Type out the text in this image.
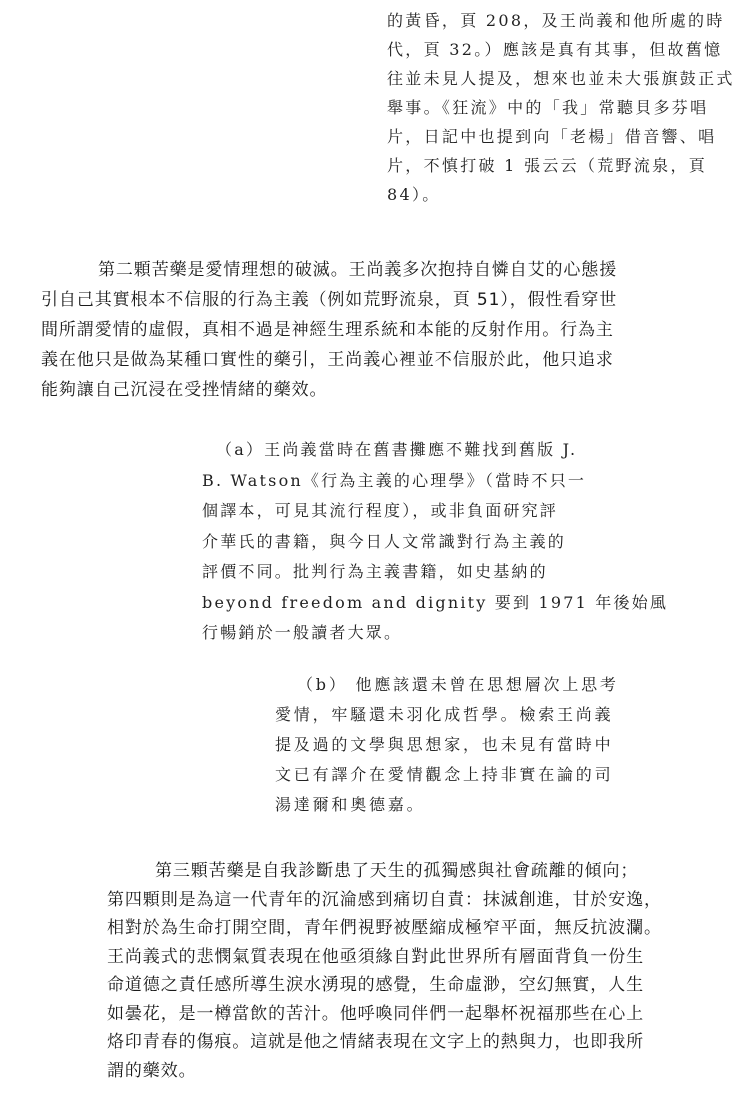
的黃昏，頁 208，及王尚義和他所處的時
代，頁 32。）應該是真有其事，但故舊憶
往並未見人提及，想來也並未大張旗鼓正式
舉事。《狂流》中的「我」常聽貝多芬唱
片，日記中也提到向「老楊」借音響、唱
片，不慎打破 1 張云云（荒野流泉，頁
84）。
第二顆苦藥是愛情理想的破滅。王尚義多次抱持自憐自艾的心態援
引自己其實根本不信服的行為主義（例如荒野流泉，頁 51），假性看穿世
間所謂愛情的虛假，真相不過是神經生理系統和本能的反射作用。行為主
義在他只是做為某種口實性的藥引，王尚義心裡並不信服於此，他只追求
能夠讓自己沉浸在受挫情緒的藥效。
（a）王尚義當時在舊書攤應不難找到舊版 J.
B. Watson《行為主義的心理學》（當時不只一
個譯本，可見其流行程度），或非負面研究評
介華氏的書籍，與今日人文常識對行為主義的
評價不同。批判行為主義書籍，如史基納的
beyond freedom and dignity 要到 1971 年後始風
行暢銷於一般讀者大眾。
（b） 他應該還未曾在思想層次上思考
愛情，牢騷還未羽化成哲學。檢索王尚義
提及過的文學與思想家，也未見有當時中
文已有譯介在愛情觀念上持非實在論的司
湯達爾和奧德嘉。
第三顆苦藥是自我診斷患了天生的孤獨感與社會疏離的傾向；
第四顆則是為這一代青年的沉淪感到痛切自責：抹滅創進，甘於安逸，
相對於為生命打開空間，青年們視野被壓縮成極窄平面，無反抗波瀾。
王尚義式的悲憫氣質表現在他亟須緣自對此世界所有層面背負一份生
命道德之責任感所導生淚水湧現的感覺，生命虛渺，空幻無實，人生
如曇花，是一樽當飲的苦汁。他呼喚同伴們一起舉杯祝福那些在心上
烙印青春的傷痕。這就是他之情緒表現在文字上的熱與力，也即我所
謂的藥效。
